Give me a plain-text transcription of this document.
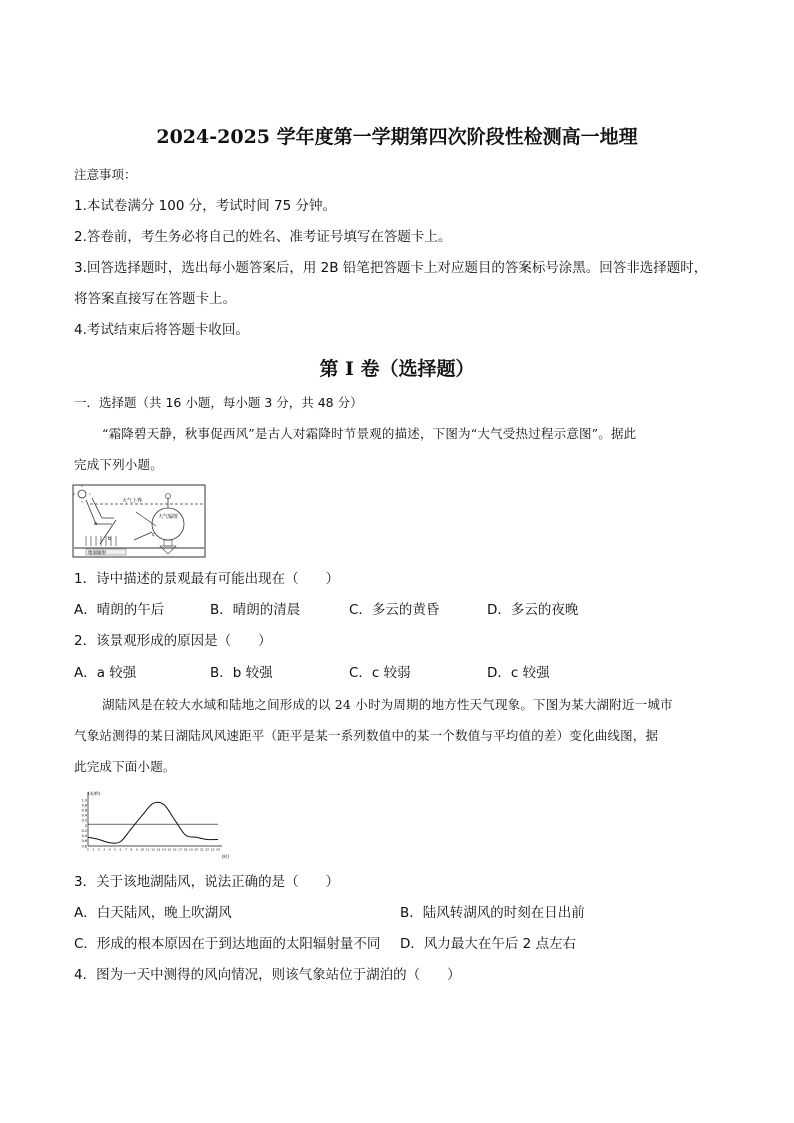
2024-2025 学年度第一学期第四次阶段性检测高一地理
注意事项：
1.本试卷满分 100 分，考试时间 75 分钟。
2.答卷前，考生务必将自己的姓名、准考证号填写在答题卡上。
3.回答选择题时，选出每小题答案后，用 2B 铅笔把答题卡上对应题目的答案标号涂黑。回答非选择题时，
将答案直接写在答题卡上。
4.考试结束后将答题卡收回。
第 I 卷（选择题）
一．选择题（共 16 小题，每小题 3 分，共 48 分）
“霜降碧天静，秋事促西风”是古人对霜降时节景观的描述，下图为“大气受热过程示意图”。据此
完成下列小题。
大气上界
a
b
地面辐射
大气辐射
c
1．诗中描述的景观最有可能出现在（　　）
A．晴朗的午后	B．晴朗的清晨	C．多云的黄昏	D．多云的夜晚
2．该景观形成的原因是（　　）
A．a 较强	B．b 较强	C．c 较弱	D．c 较强
湖陆风是在较大水域和陆地之间形成的以 24 小时为周期的地方性天气现象。下图为某大湖附近一城市
气象站测得的某日湖陆风风速距平（距平是某一系列数值中的某一个数值与平均值的差）变化曲线图，据
此完成下面小题。
1.0
0.8
0.6
0.4
0.2
0
0.2
0.4
0.6
0.8
0 1 2 3 4 5 6 7 8 9 10 11 12 13 14 15 16 17 18 19 20 21 22 23 24
(米/秒)
(时)
3．关于该地湖陆风，说法正确的是（　　）
A．白天陆风，晚上吹湖风	B．陆风转湖风的时刻在日出前
C．形成的根本原因在于到达地面的太阳辐射量不同 D．风力最大在午后 2 点左右
4．图为一天中测得的风向情况，则该气象站位于湖泊的（　　）
